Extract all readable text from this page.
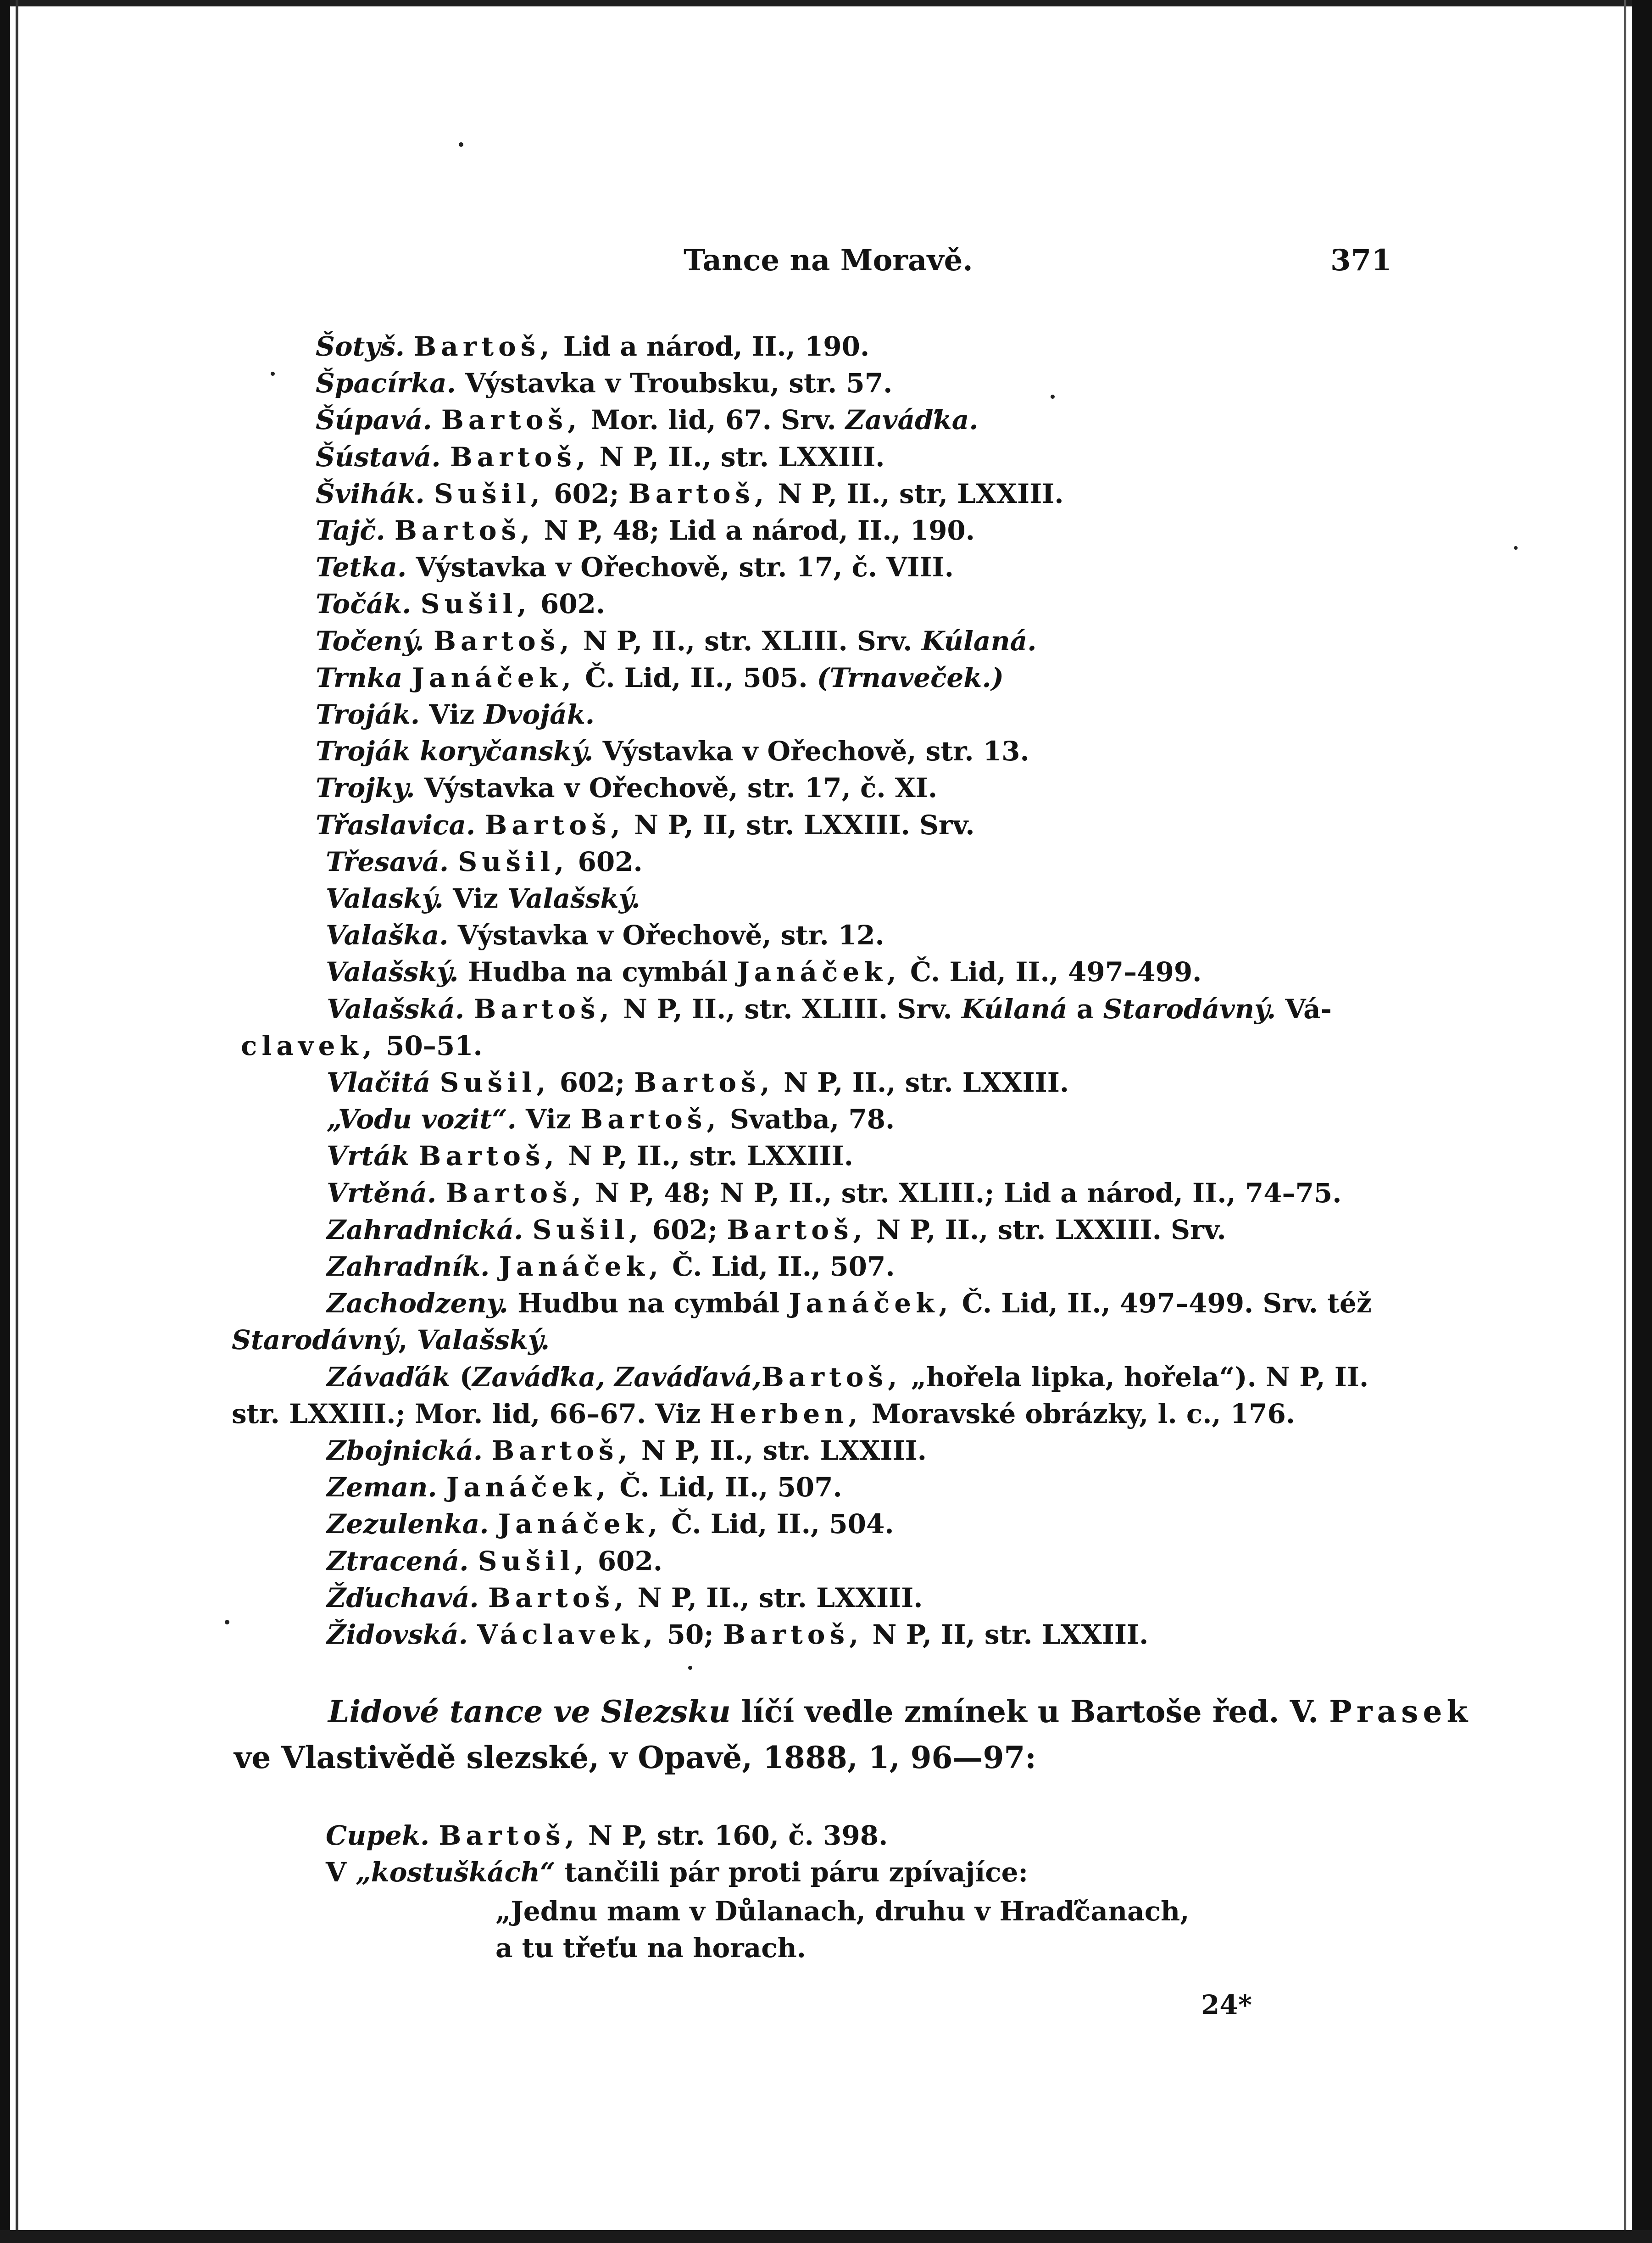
Tance na Moravě.	371
Šotyš. Bartoš, Lid a národ, II., 190.
Špacírka. Výstavka v Troubsku, str. 57.
Šúpavá. Bartoš, Mor. lid, 67. Srv. Zaváďka.
Šústavá. Bartoš, N P, II., str. LXXIII.
Švihák. Sušil, 602; Bartoš, N P, II., str, LXXIII.
Tajč. Bartoš, N P, 48; Lid a národ, II., 190.
Tetka. Výstavka v Ořechově, str. 17, č. VIII.
Točák. Sušil, 602.
Točený. Bartoš, N P, II., str. XLIII. Srv. Kúlaná.
Trnka Janáček, Č. Lid, II., 505. (Trnaveček.)
Troják. Viz Dvoják.
Troják koryčanský. Výstavka v Ořechově, str. 13.
Trojky. Výstavka v Ořechově, str. 17, č. XI.
Třaslavica. Bartoš, N P, II, str. LXXIII. Srv.
Třesavá. Sušil, 602.
Valaský. Viz Valašský.
Valaška. Výstavka v Ořechově, str. 12.
Valašský. Hudba na cymbál Janáček, Č. Lid, II., 497–499.
Valašská. Bartoš, N P, II., str. XLIII. Srv. Kúlaná a Starodávný. Vá-
clavek, 50–51.
Vlačitá Sušil, 602; Bartoš, N P, II., str. LXXIII.
„Vodu vozit“. Viz Bartoš, Svatba, 78.
Vrták Bartoš, N P, II., str. LXXIII.
Vrtěná. Bartoš, N P, 48; N P, II., str. XLIII.; Lid a národ, II., 74–75.
Zahradnická. Sušil, 602; Bartoš, N P, II., str. LXXIII. Srv.
Zahradník. Janáček, Č. Lid, II., 507.
Zachodzeny. Hudbu na cymbál Janáček, Č. Lid, II., 497–499. Srv. též
Starodávný, Valašský.
Závaďák (Zaváďka, Zaváďavá,Bartoš, „hořela lipka, hořela“). N P, II.
str. LXXIII.; Mor. lid, 66–67. Viz Herben, Moravské obrázky, l. c., 176.
Zbojnická. Bartoš, N P, II., str. LXXIII.
Zeman. Janáček, Č. Lid, II., 507.
Zezulenka. Janáček, Č. Lid, II., 504.
Ztracená. Sušil, 602.
Žďuchavá. Bartoš, N P, II., str. LXXIII.
Židovská. Václavek, 50; Bartoš, N P, II, str. LXXIII.
Lidové tance ve Slezsku líčí vedle zmínek u Bartoše řed. V. Prasek
ve Vlastivědě slezské, v Opavě, 1888, 1, 96—97:
Cupek. Bartoš, N P, str. 160, č. 398.
V „kostuškách“ tančili pár proti páru zpívajíce:
„Jednu mam v Důlanach, druhu v Hraďčanach,
a tu třeťu na horach.
24*
